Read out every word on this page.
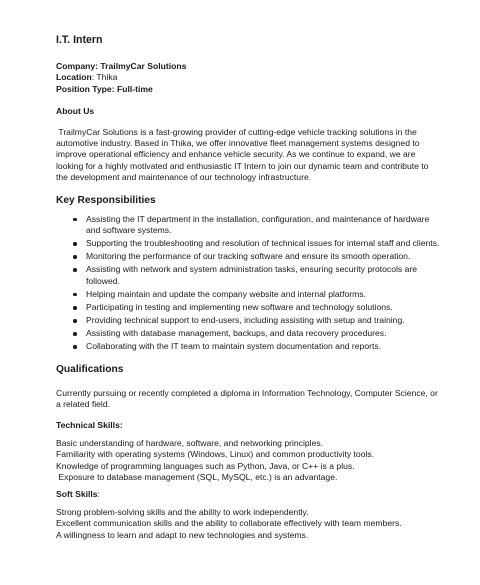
I.T. Intern
Company: TrailmyCar Solutions
Location: Thika
Position Type: Full-time
About Us

TrailmyCar Solutions is a fast-growing provider of cutting-edge vehicle tracking solutions in the automotive industry. Based in Thika, we offer innovative fleet management systems designed to improve operational efficiency and enhance vehicle security. As we continue to expand, we are looking for a highly motivated and enthusiastic IT Intern to join our dynamic team and contribute to the development and maintenance of our technology infrastructure.

Key Responsibilities
Assisting the IT department in the installation, configuration, and maintenance of hardware and software systems.
Supporting the troubleshooting and resolution of technical issues for internal staff and clients.
Monitoring the performance of our tracking software and ensure its smooth operation.
Assisting with network and system administration tasks, ensuring security protocols are followed.
Helping maintain and update the company website and internal platforms.
Participating in testing and implementing new software and technology solutions.
Providing technical support to end-users, including assisting with setup and training.
Assisting with database management, backups, and data recovery procedures.
Collaborating with the IT team to maintain system documentation and reports.
Qualifications

Currently pursuing or recently completed a diploma in Information Technology, Computer Science, or a related field.

Technical Skills:
Basic understanding of hardware, software, and networking principles.
Familiarity with operating systems (Windows, Linux) and common productivity tools.
Knowledge of programming languages such as Python, Java, or C++ is a plus.
Exposure to database management (SQL, MySQL, etc.) is an advantage.
Soft Skills:
Strong problem-solving skills and the ability to work independently.
Excellent communication skills and the ability to collaborate effectively with team members.
A willingness to learn and adapt to new technologies and systems.
